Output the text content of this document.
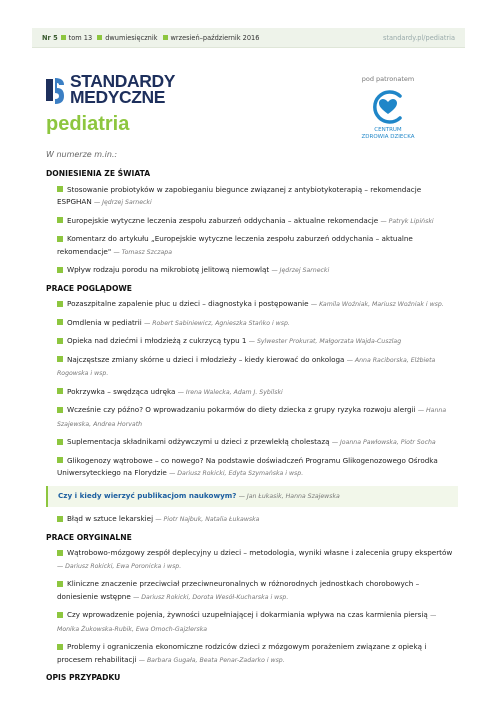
Nr 5 tom 13 dwumiesięcznik wrzesień–październik 2016	standardy.pl/pediatria
STANDARDY
MEDYCZNE
pediatria
pod patronatem
CENTRUM
ZDROWIA DZIECKA
W numerze m.in.:
DONIESIENIA ZE ŚWIATA
Stosowanie probiotyków w zapobieganiu biegunce związanej z antybiotykoterapią – rekomendacje ESPGHAN — Jędrzej Sarnecki
Europejskie wytyczne leczenia zespołu zaburzeń oddychania – aktualne rekomendacje — Patryk Lipiński
Komentarz do artykułu „Europejskie wytyczne leczenia zespołu zaburzeń oddychania – aktualne rekomendacje" — Tomasz Szczapa
Wpływ rodzaju porodu na mikrobiotę jelitową niemowląt — Jędrzej Sarnecki
PRACE POGLĄDOWE
Pozaszpitalne zapalenie płuc u dzieci – diagnostyka i postępowanie — Kamila Woźniak, Mariusz Woźniak i wsp.
Omdlenia w pediatrii — Robert Sabiniewicz, Agnieszka Stańko i wsp.
Opieka nad dziećmi i młodzieżą z cukrzycą typu 1 — Sylwester Prokurat, Małgorzata Wajda-Cuszlag
Najczęstsze zmiany skórne u dzieci i młodzieży – kiedy kierować do onkologa — Anna Raciborska, Elżbieta Rogowska i wsp.
Pokrzywka – swędząca udręka — Irena Walecka, Adam J. Sybilski
Wcześnie czy późno? O wprowadzaniu pokarmów do diety dziecka z grupy ryzyka rozwoju alergii — Hanna Szajewska, Andrea Horvath
Suplementacja składnikami odżywczymi u dzieci z przewlekłą cholestazą — Joanna Pawłowska, Piotr Socha
Glikogenozy wątrobowe – co nowego? Na podstawie doświadczeń Programu Glikogenozowego Ośrodka Uniwersyteckiego na Florydzie — Dariusz Rokicki, Edyta Szymańska i wsp.
Czy i kiedy wierzyć publikacjom naukowym? — Jan Łukasik, Hanna Szajewska
Błąd w sztuce lekarskiej — Piotr Najbuk, Natalia Łukawska
PRACE ORYGINALNE
Wątrobowo-mózgowy zespół deplecyjny u dzieci – metodologia, wyniki własne i zalecenia grupy ekspertów — Dariusz Rokicki, Ewa Poronicka i wsp.
Kliniczne znaczenie przeciwciał przeciwneuronalnych w różnorodnych jednostkach chorobowych – doniesienie wstępne — Dariusz Rokicki, Dorota Wesół-Kucharska i wsp.
Czy wprowadzenie pojenia, żywności uzupełniającej i dokarmiania wpływa na czas karmienia piersią — Monika Żukowska-Rubik, Ewa Omoch-Gajzlerska
Problemy i ograniczenia ekonomiczne rodziców dzieci z mózgowym porażeniem związane z opieką i procesem rehabilitacji — Barbara Gugała, Beata Penar-Zadarko i wsp.
OPIS PRZYPADKU
